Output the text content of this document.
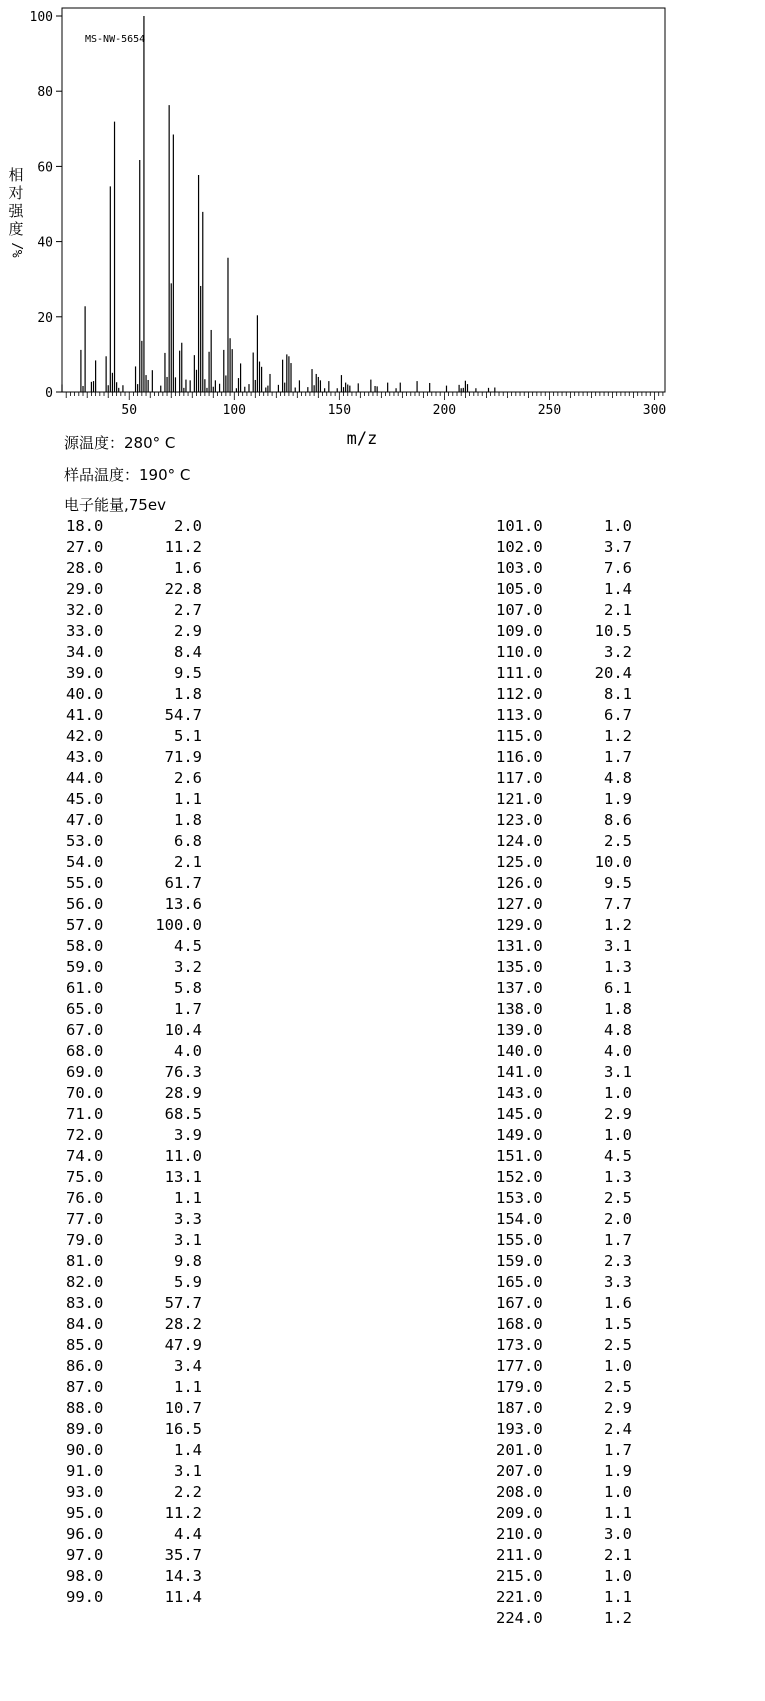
0
20
40
60
80
100
50	100	150	200	250	300
MS-NW-5654
m/z
相
对
强
度
%/
源温度：280° C
样品温度：190° C
电子能量,75ev
18.0	2.0
27.0	11.2
28.0	1.6
29.0	22.8
32.0	2.7
33.0	2.9
34.0	8.4
39.0	9.5
40.0	1.8
41.0	54.7
42.0	5.1
43.0	71.9
44.0	2.6
45.0	1.1
47.0	1.8
53.0	6.8
54.0	2.1
55.0	61.7
56.0	13.6
57.0	100.0
58.0	4.5
59.0	3.2
61.0	5.8
65.0	1.7
67.0	10.4
68.0	4.0
69.0	76.3
70.0	28.9
71.0	68.5
72.0	3.9
74.0	11.0
75.0	13.1
76.0	1.1
77.0	3.3
79.0	3.1
81.0	9.8
82.0	5.9
83.0	57.7
84.0	28.2
85.0	47.9
86.0	3.4
87.0	1.1
88.0	10.7
89.0	16.5
90.0	1.4
91.0	3.1
93.0	2.2
95.0	11.2
96.0	4.4
97.0	35.7
98.0	14.3
99.0	11.4
101.0	1.0
102.0	3.7
103.0	7.6
105.0	1.4
107.0	2.1
109.0	10.5
110.0	3.2
111.0	20.4
112.0	8.1
113.0	6.7
115.0	1.2
116.0	1.7
117.0	4.8
121.0	1.9
123.0	8.6
124.0	2.5
125.0	10.0
126.0	9.5
127.0	7.7
129.0	1.2
131.0	3.1
135.0	1.3
137.0	6.1
138.0	1.8
139.0	4.8
140.0	4.0
141.0	3.1
143.0	1.0
145.0	2.9
149.0	1.0
151.0	4.5
152.0	1.3
153.0	2.5
154.0	2.0
155.0	1.7
159.0	2.3
165.0	3.3
167.0	1.6
168.0	1.5
173.0	2.5
177.0	1.0
179.0	2.5
187.0	2.9
193.0	2.4
201.0	1.7
207.0	1.9
208.0	1.0
209.0	1.1
210.0	3.0
211.0	2.1
215.0	1.0
221.0	1.1
224.0	1.2
